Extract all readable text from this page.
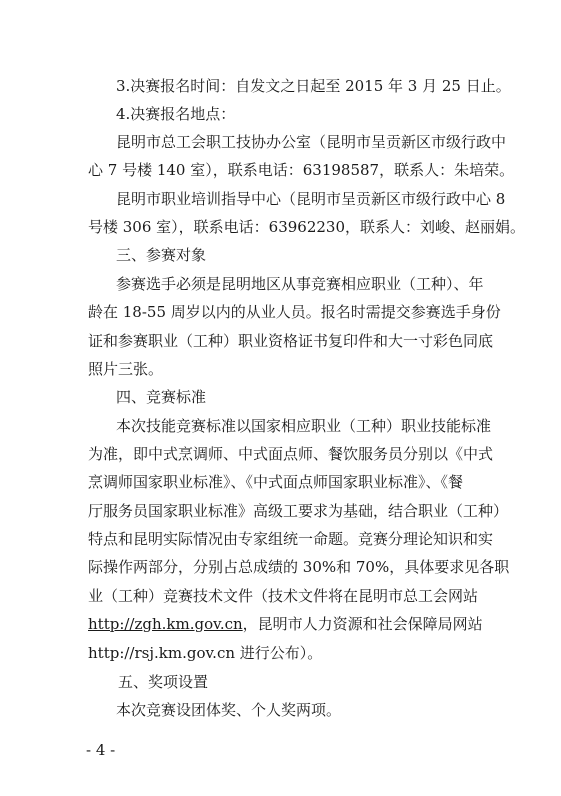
3.决赛报名时间：自发文之日起至 2015 年 3 月 25 日止。
4.决赛报名地点：
昆明市总工会职工技协办公室（昆明市呈贡新区市级行政中
心 7 号楼 140 室），联系电话：63198587，联系人：朱培荣。
昆明市职业培训指导中心（昆明市呈贡新区市级行政中心 8
号楼 306 室），联系电话：63962230，联系人：刘峻、赵丽娟。
三、参赛对象
参赛选手必须是昆明地区从事竞赛相应职业（工种）、年
龄在 18-55 周岁以内的从业人员。报名时需提交参赛选手身份
证和参赛职业（工种）职业资格证书复印件和大一寸彩色同底
照片三张。
四、竞赛标准
本次技能竞赛标准以国家相应职业（工种）职业技能标准
为准，即中式烹调师、中式面点师、餐饮服务员分别以《中式
烹调师国家职业标准》、《中式面点师国家职业标准》、《餐
厅服务员国家职业标准》高级工要求为基础，结合职业（工种）
特点和昆明实际情况由专家组统一命题。竞赛分理论知识和实
际操作两部分，分别占总成绩的 30%和 70%，具体要求见各职
业（工种）竞赛技术文件（技术文件将在昆明市总工会网站
http://zgh.km.gov.cn，昆明市人力资源和社会保障局网站
http://rsj.km.gov.cn 进行公布）。
五、奖项设置
本次竞赛设团体奖、个人奖两项。
- 4 -
